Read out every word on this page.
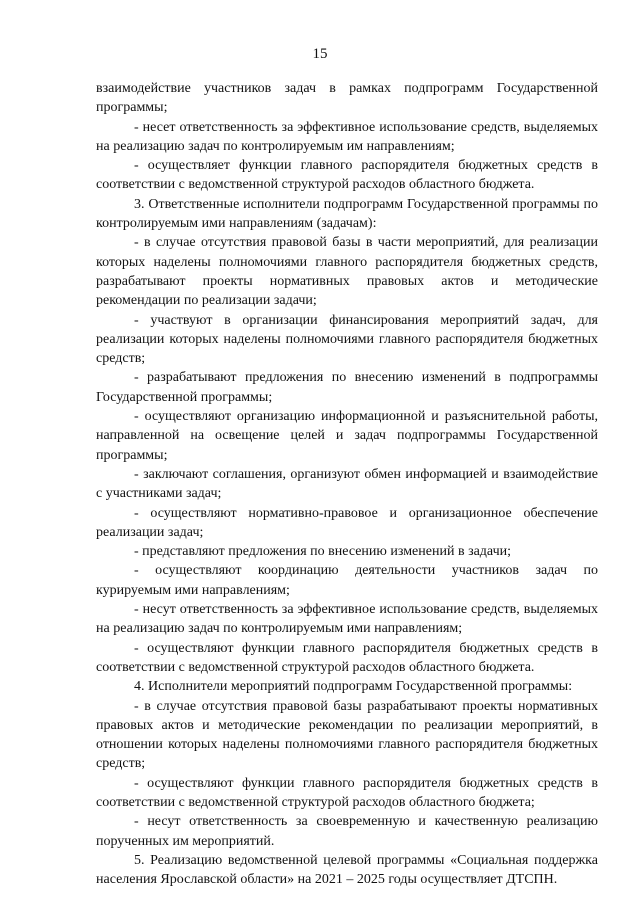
15

взаимодействие участников задач в рамках подпрограмм Государственной программы;

- несет ответственность за эффективное использование средств, выделяемых на реализацию задач по контролируемым им направлениям;

- осуществляет функции главного распорядителя бюджетных средств в соответствии с ведомственной структурой расходов областного бюджета.

3. Ответственные исполнители подпрограмм Государственной программы по контролируемым ими направлениям (задачам):

- в случае отсутствия правовой базы в части мероприятий, для реализации которых наделены полномочиями главного распорядителя бюджетных средств, разрабатывают проекты нормативных правовых актов и методические рекомендации по реализации задачи;

- участвуют в организации финансирования мероприятий задач, для реализации которых наделены полномочиями главного распорядителя бюджетных средств;

- разрабатывают предложения по внесению изменений в подпрограммы Государственной программы;

- осуществляют организацию информационной и разъяснительной работы, направленной на освещение целей и задач подпрограммы Государственной программы;

- заключают соглашения, организуют обмен информацией и взаимодействие с участниками задач;

- осуществляют нормативно-правовое и организационное обеспечение реализации задач;

- представляют предложения по внесению изменений в задачи;

- осуществляют координацию деятельности участников задач по курируемым ими направлениям;

- несут ответственность за эффективное использование средств, выделяемых на реализацию задач по контролируемым ими направлениям;

- осуществляют функции главного распорядителя бюджетных средств в соответствии с ведомственной структурой расходов областного бюджета.

4. Исполнители мероприятий подпрограмм Государственной программы:

- в случае отсутствия правовой базы разрабатывают проекты нормативных правовых актов и методические рекомендации по реализации мероприятий, в отношении которых наделены полномочиями главного распорядителя бюджетных средств;

- осуществляют функции главного распорядителя бюджетных средств в соответствии с ведомственной структурой расходов областного бюджета;

- несут ответственность за своевременную и качественную реализацию порученных им мероприятий.

5. Реализацию ведомственной целевой программы «Социальная поддержка населения Ярославской области» на 2021 – 2025 годы осуществляет ДТСПН.
